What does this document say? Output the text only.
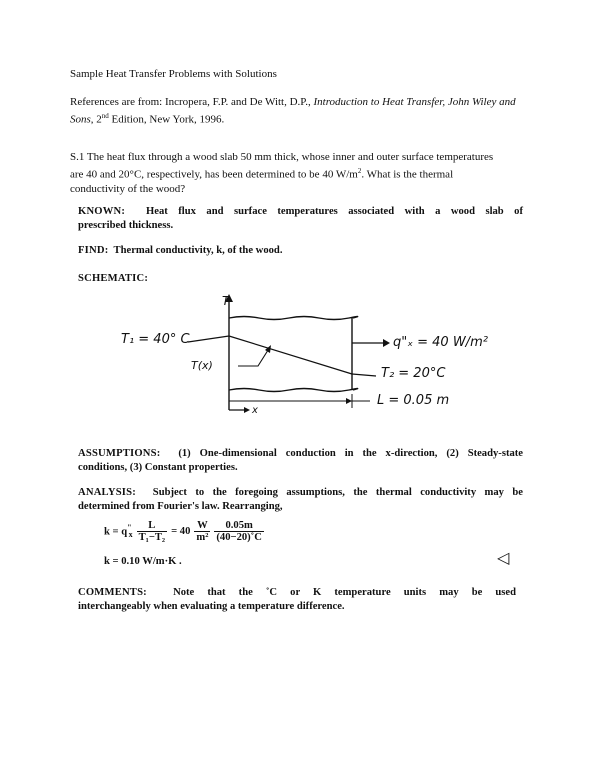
Sample Heat Transfer Problems with Solutions
References are from: Incropera, F.P. and De Witt, D.P., Introduction to Heat Transfer, John Wiley and Sons, 2nd Edition, New York, 1996.
S.1 The heat flux through a wood slab 50 mm thick, whose inner and outer surface temperatures
are 40 and 20°C, respectively, has been determined to be 40 $W/m^2$. What is the thermal
conductivity of the wood?
KNOWN: Heat flux and surface temperatures associated with a wood slab of
prescribed thickness.
FIND: Thermal conductivity, k, of the wood.
SCHEMATIC:
T
T₁ = 40° C
T(x)
q"ₓ = 40 W/m²
T₂ = 20°C
L = 0.05 m
x
ASSUMPTIONS: (1) One-dimensional conduction in the x-direction, (2) Steady-state
conditions, (3) Constant properties.
ANALYSIS: Subject to the foregoing assumptions, the thermal conductivity may be
determined from Fourier's law. Rearranging,
$k = q^"_x \frac{L}{\text{T₁−T₂}} = 40 \frac{W}{\text{m²}} \frac{0.05m}{(40-20)˚C}$
k = 0.10 W/m·K .	◁
COMMENTS: Note that the ˚C or K temperature units may be used
interchangeably when evaluating a temperature difference.
